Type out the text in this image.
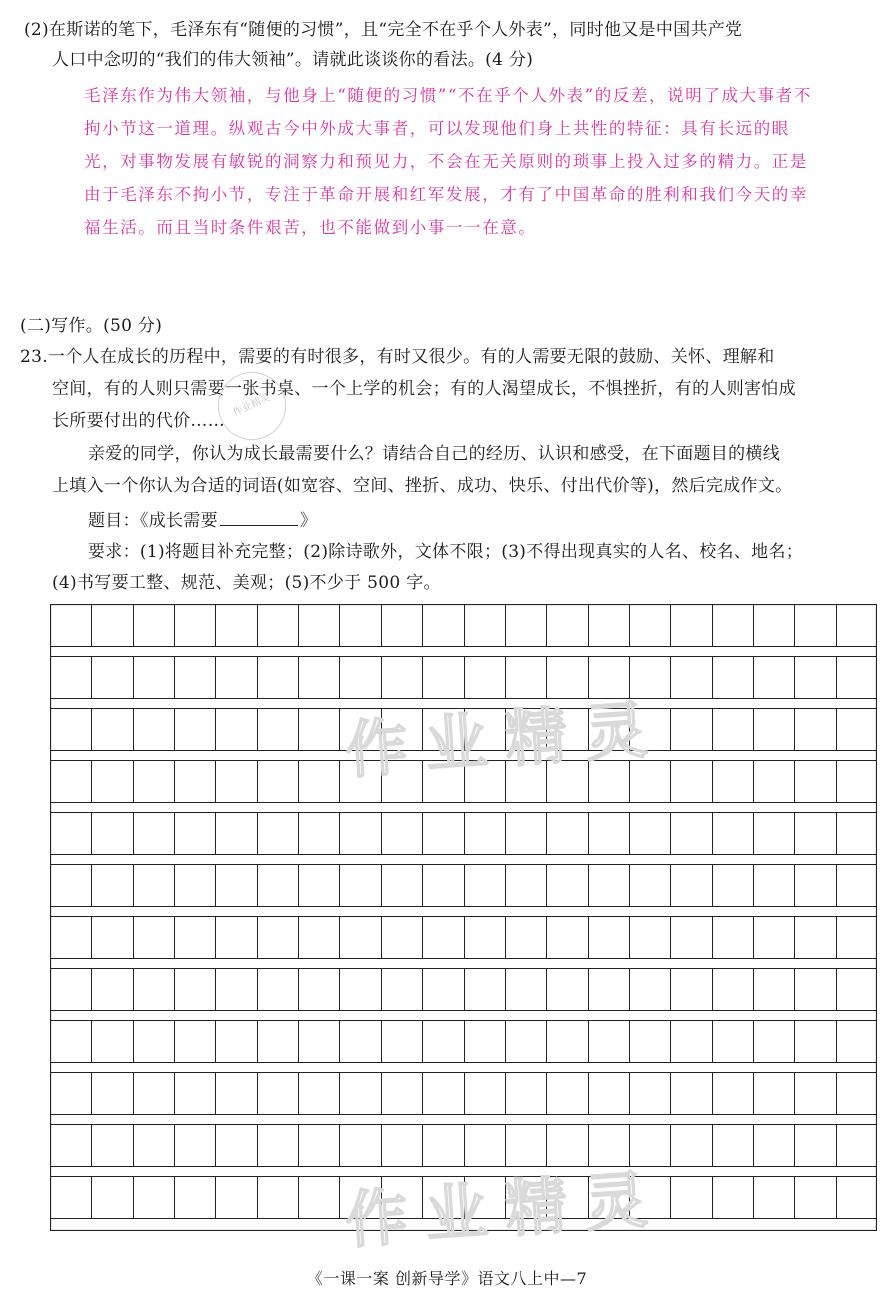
(2)在斯诺的笔下，毛泽东有“随便的习惯”，且“完全不在乎个人外表”，同时他又是中国共产党
人口中念叨的“我们的伟大领袖”。请就此谈谈你的看法。(4 分)
毛泽东作为伟大领袖，与他身上“随便的习惯”“不在乎个人外表”的反差，说明了成大事者不
拘小节这一道理。纵观古今中外成大事者，可以发现他们身上共性的特征：具有长远的眼
光，对事物发展有敏锐的洞察力和预见力，不会在无关原则的琐事上投入过多的精力。正是
由于毛泽东不拘小节，专注于革命开展和红军发展，才有了中国革命的胜利和我们今天的幸
福生活。而且当时条件艰苦，也不能做到小事一一在意。
(二)写作。(50 分)
23.一个人在成长的历程中，需要的有时很多，有时又很少。有的人需要无限的鼓励、关怀、理解和
空间，有的人则只需要一张书桌、一个上学的机会；有的人渴望成长，不惧挫折，有的人则害怕成
长所要付出的代价……
亲爱的同学，你认为成长最需要什么？请结合自己的经历、认识和感受，在下面题目的横线
上填入一个你认为合适的词语(如宽容、空间、挫折、成功、快乐、付出代价等)，然后完成作文。
题目：《成长需要	》
要求：(1)将题目补充完整；(2)除诗歌外，文体不限；(3)不得出现真实的人名、校名、地名；
(4)书写要工整、规范、美观；(5)不少于 500 字。
作业精灵
作业精灵
作业精灵
《一课一案 创新导学》语文八上中—7
